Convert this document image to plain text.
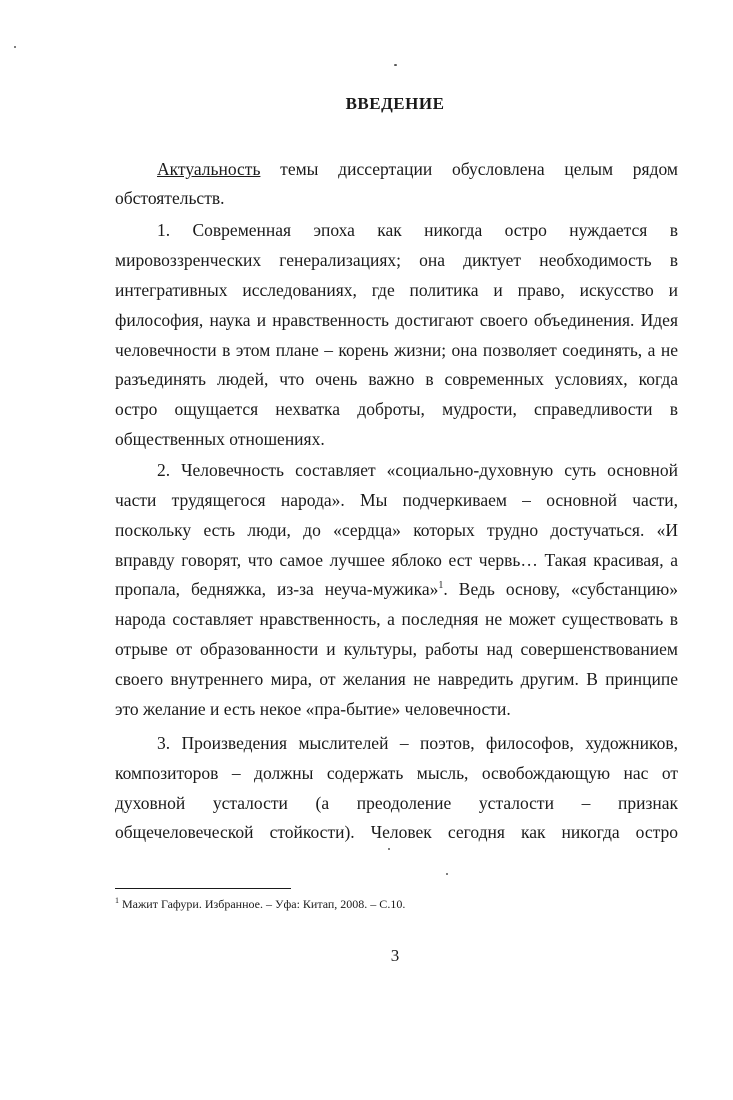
ВВЕДЕНИЕ
Актуальность темы диссертации обусловлена целым рядом
обстоятельств.
1. Современная эпоха как никогда остро нуждается в
мировоззренческих генерализациях; она диктует необходимость в
интегративных исследованиях, где политика и право, искусство и
философия, наука и нравственность достигают своего объединения. Идея
человечности в этом плане – корень жизни; она позволяет соединять, а не
разъединять людей, что очень важно в современных условиях, когда
остро ощущается нехватка доброты, мудрости, справедливости в
общественных отношениях.
2. Человечность составляет «социально-духовную суть основной
части трудящегося народа». Мы подчеркиваем – основной части,
поскольку есть люди, до «сердца» которых трудно достучаться. «И
вправду говорят, что самое лучшее яблоко ест червь… Такая красивая, а
пропала, бедняжка, из-за неуча-мужика»$^1$. Ведь основу, «субстанцию»
народа составляет нравственность, а последняя не может существовать в
отрыве от образованности и культуры, работы над совершенствованием
своего внутреннего мира, от желания не навредить другим. В принципе
это желание и есть некое «пра-бытие» человечности.
3. Произведения мыслителей – поэтов, философов, художников,
композиторов – должны содержать мысль, освобождающую нас от
духовной усталости (а преодоление усталости – признак
общечеловеческой стойкости). Человек сегодня как никогда остро
$^1$ Мажит Гафури. Избранное. – Уфа: Китап, 2008. – С.10.
3
